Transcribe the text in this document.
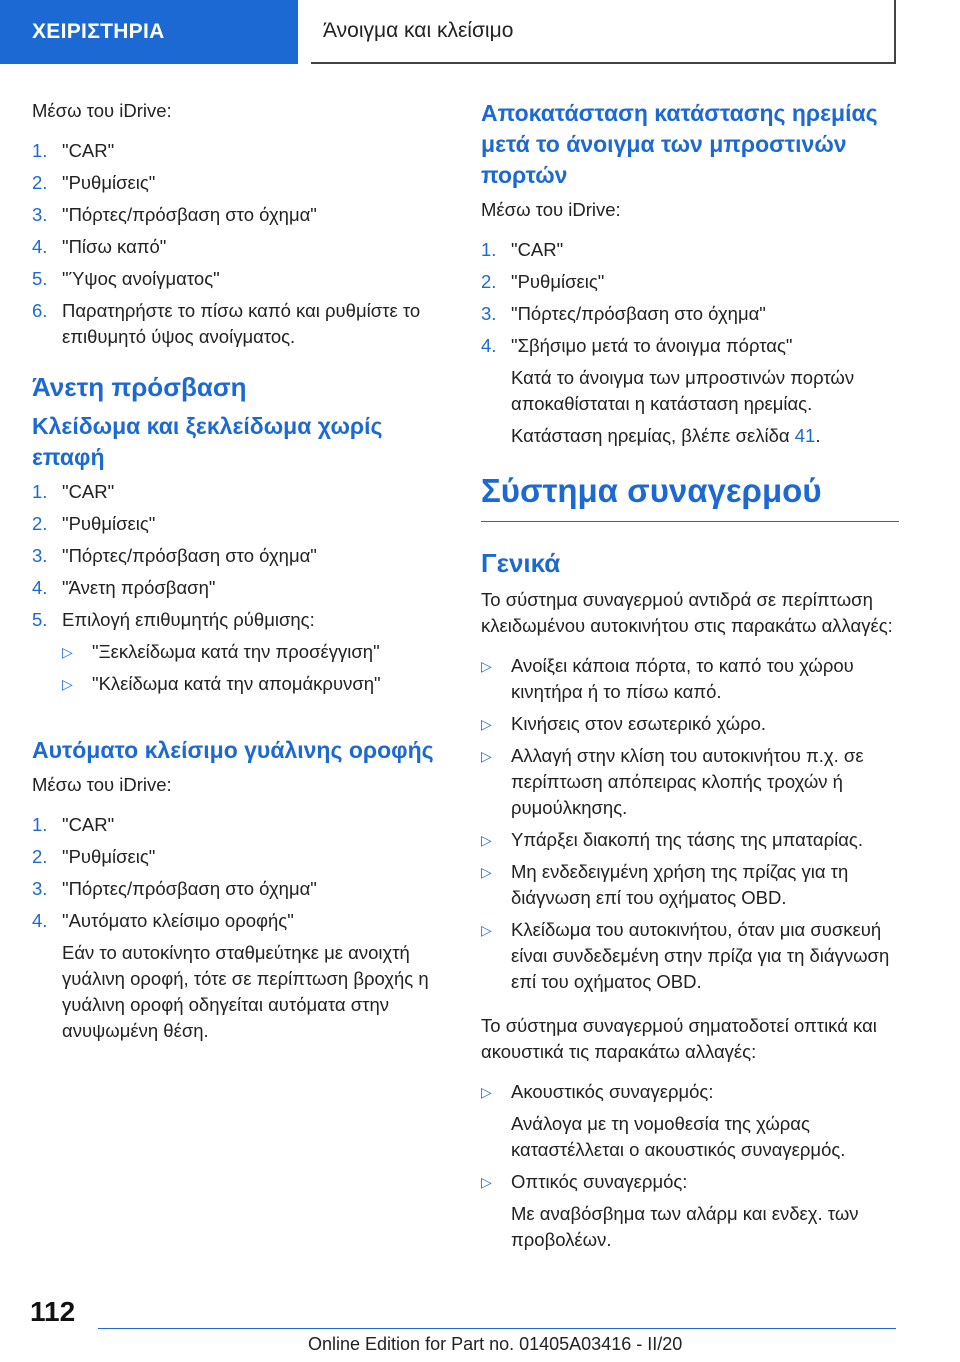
ΧΕΙΡΙΣΤΗΡΙΑ	Άνοιγμα και κλείσιμο
Μέσω του iDrive:
1. "CAR"
2. "Ρυθμίσεις"
3. "Πόρτες/πρόσβαση στο όχημα"
4. "Πίσω καπό"
5. "Ύψος ανοίγματος"
6. Παρατηρήστε το πίσω καπό και ρυθμίστε το επιθυμητό ύψος ανοίγματος.
Άνετη πρόσβαση
Κλείδωμα και ξεκλείδωμα χωρίς επαφή
1. "CAR"
2. "Ρυθμίσεις"
3. "Πόρτες/πρόσβαση στο όχημα"
4. "Άνετη πρόσβαση"
5. Επιλογή επιθυμητής ρύθμισης:
▷	"Ξεκλείδωμα κατά την προσέγγιση"
▷	"Κλείδωμα κατά την απομάκρυνση"
Αυτόματο κλείσιμο γυάλινης οροφής
Μέσω του iDrive:
1. "CAR"
2. "Ρυθμίσεις"
3. "Πόρτες/πρόσβαση στο όχημα"
4. "Αυτόματο κλείσιμο οροφής"
Εάν το αυτοκίνητο σταθμεύτηκε με ανοιχτή γυάλινη οροφή, τότε σε περίπτωση βροχής η γυάλινη οροφή οδηγείται αυτόματα στην ανυψωμένη θέση.
Αποκατάσταση κατάστασης ηρεμίας μετά το άνοιγμα των μπροστινών πορτών
Μέσω του iDrive:
1. "CAR"
2. "Ρυθμίσεις"
3. "Πόρτες/πρόσβαση στο όχημα"
4. "Σβήσιμο μετά το άνοιγμα πόρτας"
Κατά το άνοιγμα των μπροστινών πορτών αποκαθίσταται η κατάσταση ηρεμίας.
Κατάσταση ηρεμίας, βλέπε σελίδα 41.
Σύστημα συναγερμού
Γενικά
Το σύστημα συναγερμού αντιδρά σε περίπτωση κλειδωμένου αυτοκινήτου στις παρακάτω αλλαγές:
▷	Ανοίξει κάποια πόρτα, το καπό του χώρου κινητήρα ή το πίσω καπό.
▷	Κινήσεις στον εσωτερικό χώρο.
▷	Αλλαγή στην κλίση του αυτοκινήτου π.χ. σε περίπτωση απόπειρας κλοπής τροχών ή ρυμούλκησης.
▷	Υπάρξει διακοπή της τάσης της μπαταρίας.
▷	Μη ενδεδειγμένη χρήση της πρίζας για τη διάγνωση επί του οχήματος OBD.
▷	Κλείδωμα του αυτοκινήτου, όταν μια συσκευή είναι συνδεδεμένη στην πρίζα για τη διάγνωση επί του οχήματος OBD.
Το σύστημα συναγερμού σηματοδοτεί οπτικά και ακουστικά τις παρακάτω αλλαγές:
▷	Ακουστικός συναγερμός:
Ανάλογα με τη νομοθεσία της χώρας καταστέλλεται ο ακουστικός συναγερμός.
▷	Οπτικός συναγερμός:
Με αναβόσβημα των αλάρμ και ενδεχ. των προβολέων.
112
Online Edition for Part no. 01405A03416 - II/20
